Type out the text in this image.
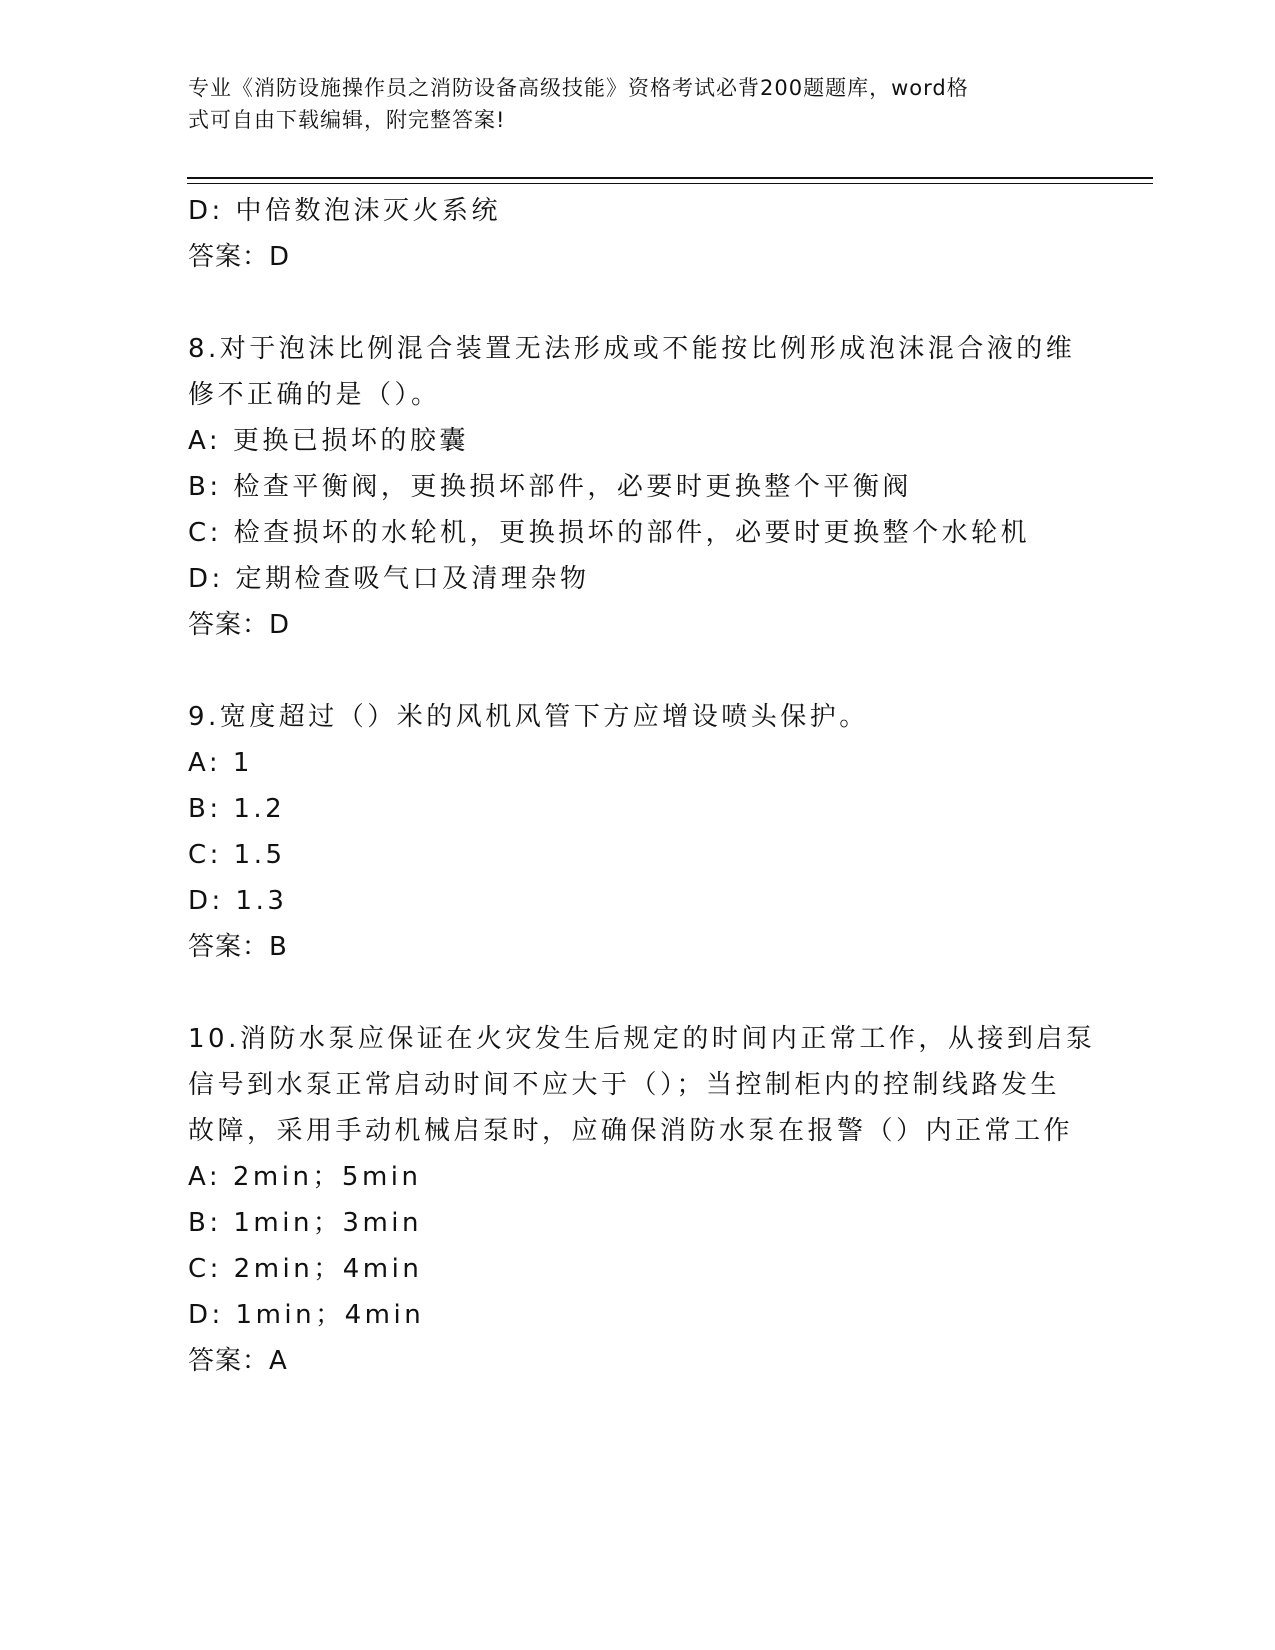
专业《消防设施操作员之消防设备高级技能》资格考试必背200题题库，word格
式可自由下载编辑，附完整答案!
D: 中倍数泡沫灭火系统
答案：D
8.对于泡沫比例混合装置无法形成或不能按比例形成泡沫混合液的维
修不正确的是（）。
A: 更换已损坏的胶囊
B: 检查平衡阀，更换损坏部件，必要时更换整个平衡阀
C: 检查损坏的水轮机，更换损坏的部件，必要时更换整个水轮机
D: 定期检查吸气口及清理杂物
答案：D
9.宽度超过（）米的风机风管下方应增设喷头保护。
A: 1
B: 1.2
C: 1.5
D: 1.3
答案：B
10.消防水泵应保证在火灾发生后规定的时间内正常工作，从接到启泵
信号到水泵正常启动时间不应大于（）；当控制柜内的控制线路发生
故障，采用手动机械启泵时，应确保消防水泵在报警（）内正常工作
A: 2min；5min
B: 1min；3min
C: 2min；4min
D: 1min；4min
答案：A
